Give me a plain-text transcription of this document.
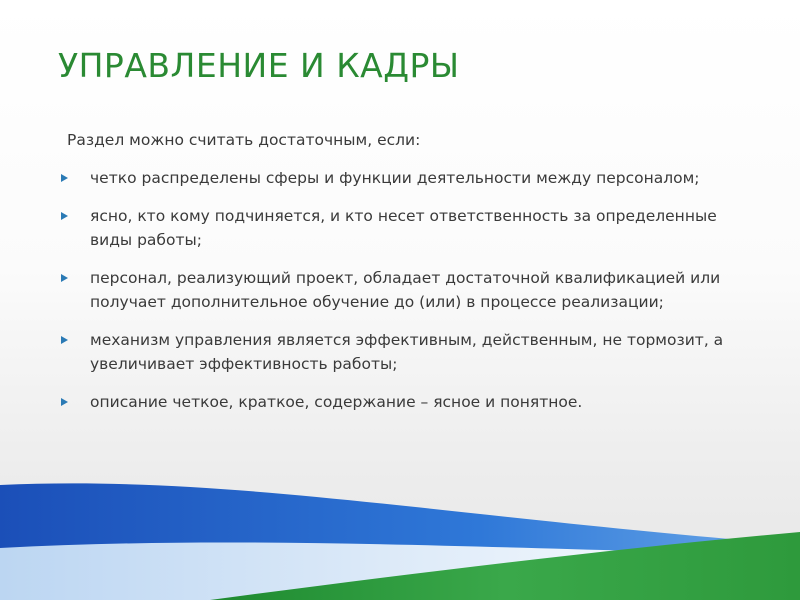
УПРАВЛЕНИЕ И КАДРЫ
Раздел можно считать достаточным, если:
четко распределены сферы и функции деятельности между персоналом;
ясно, кто кому подчиняется, и кто несет ответственность за определенные виды работы;
персонал, реализующий проект, обладает достаточной квалификацией или получает дополнительное обучение до (или) в процессе реализации;
механизм управления является эффективным, действенным, не тормозит, а увеличивает эффективность работы;
описание четкое, краткое, содержание – ясное и понятное.
